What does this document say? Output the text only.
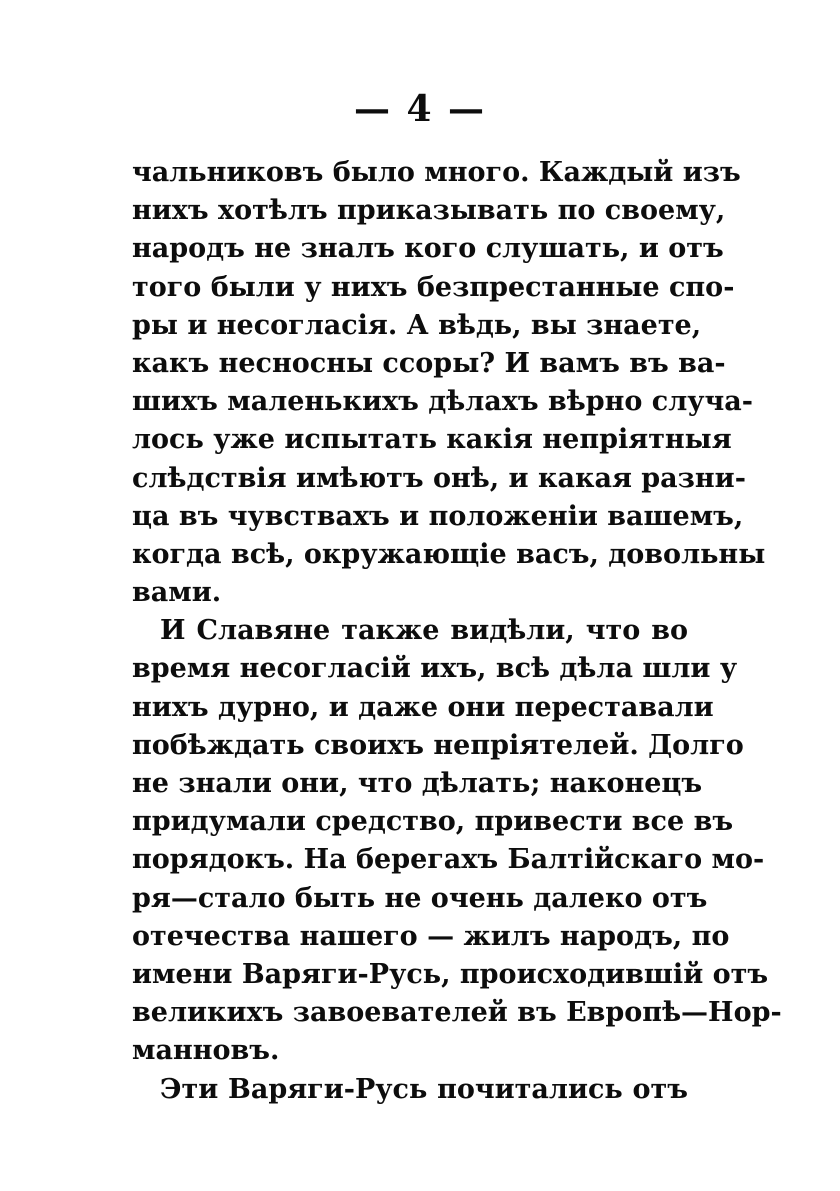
— 4 —
чальниковъ было много. Каждый изъ
нихъ хотѣлъ приказывать по своему,
народъ не зналъ кого слушать, и отъ
того были у нихъ безпрестанные спо-
ры и несогласія. А вѣдь, вы знаете,
какъ несносны ссоры? И вамъ въ ва-
шихъ маленькихъ дѣлахъ вѣрно случа-
лось уже испытать какія непріятныя
слѣдствія имѣютъ онѣ, и какая разни-
ца въ чувствахъ и положеніи вашемъ,
когда всѣ, окружающіе васъ, довольны
вами.
И Славяне также видѣли, что во
время несогласій ихъ, всѣ дѣла шли у
нихъ дурно, и даже они переставали
побѣждать своихъ непріятелей. Долго
не знали они, что дѣлать; наконецъ
придумали средство, привести все въ
порядокъ. На берегахъ Балтійскаго мо-
ря—стало быть не очень далеко отъ
отечества нашего — жилъ народъ, по
имени Варяги-Русь, происходившій отъ
великихъ завоевателей въ Европѣ—Нор-
манновъ.
Эти Варяги-Русь почитались отъ
